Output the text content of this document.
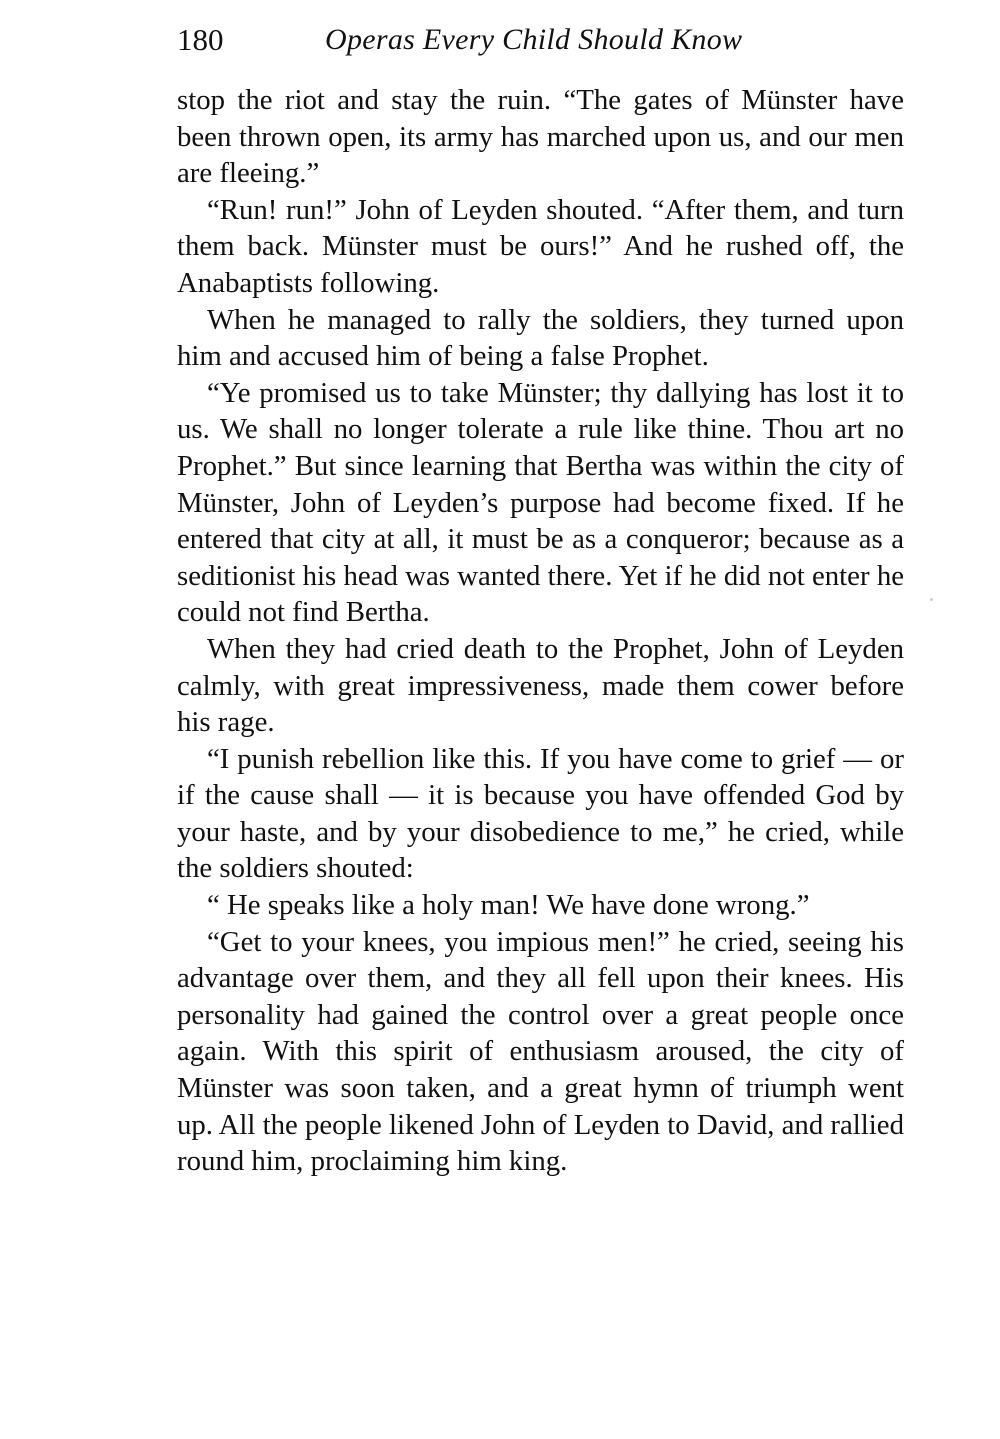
180	Operas Every Child Should Know

stop the riot and stay the ruin. “The gates of Münster have been thrown open, its army has marched upon us, and our men are fleeing.”

“Run! run!” John of Leyden shouted. “After them, and turn them back. Münster must be ours!” And he rushed off, the Anabaptists following.

When he managed to rally the soldiers, they turned upon him and accused him of being a false Prophet.

“Ye promised us to take Münster; thy dallying has lost it to us. We shall no longer tolerate a rule like thine. Thou art no Prophet.” But since learning that Bertha was within the city of Münster, John of Leyden’s purpose had become fixed. If he entered that city at all, it must be as a conqueror; because as a seditionist his head was wanted there. Yet if he did not enter he could not find Bertha.

When they had cried death to the Prophet, John of Leyden calmly, with great impressiveness, made them cower before his rage.

“I punish rebellion like this. If you have come to grief — or if the cause shall — it is because you have offended God by your haste, and by your disobedience to me,” he cried, while the soldiers shouted:

“ He speaks like a holy man! We have done wrong.”

“Get to your knees, you impious men!” he cried, seeing his advantage over them, and they all fell upon their knees. His personality had gained the control over a great people once again. With this spirit of enthusiasm aroused, the city of Münster was soon taken, and a great hymn of triumph went up. All the people likened John of Leyden to David, and rallied round him, proclaiming him king.
